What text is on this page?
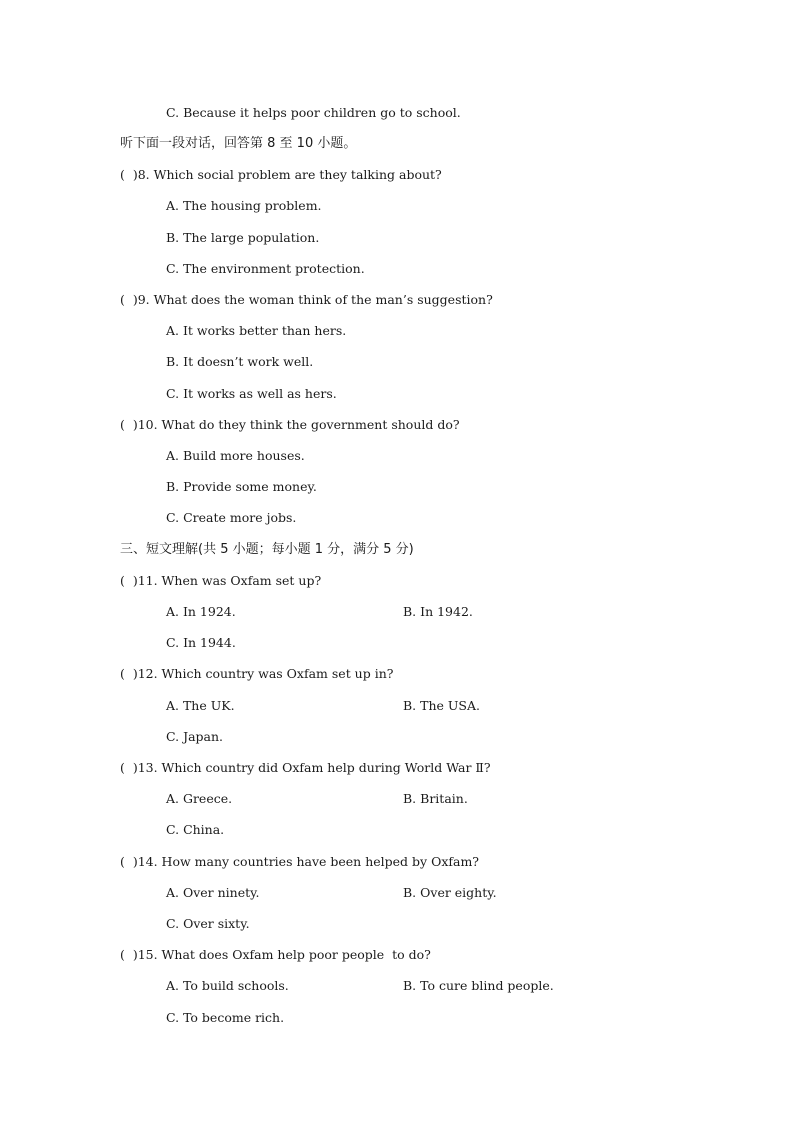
C. Because it helps poor children go to school.
听下面一段对话，回答第 8 至 10 小题。
(  )8. Which social problem are they talking about?
A. The housing problem.
B. The large population.
C. The environment protection.
(  )9. What does the woman think of the man’s suggestion?
A. It works better than hers.
B. It doesn’t work well.
C. It works as well as hers.
(  )10. What do they think the government should do?
A. Build more houses.
B. Provide some money.
C. Create more jobs.
三、短文理解(共 5 小题；每小题 1 分，满分 5 分)
(  )11. When was Oxfam set up?
A. In 1924.	B. In 1942.
C. In 1944.
(  )12. Which country was Oxfam set up in?
A. The UK.	B. The USA.
C. Japan.
(  )13. Which country did Oxfam help during World War Ⅱ?
A. Greece.	B. Britain.
C. China.
(  )14. How many countries have been helped by Oxfam?
A. Over ninety.	B. Over eighty.
C. Over sixty.
(  )15. What does Oxfam help poor people  to do?
A. To build schools.	B. To cure blind people.
C. To become rich.
